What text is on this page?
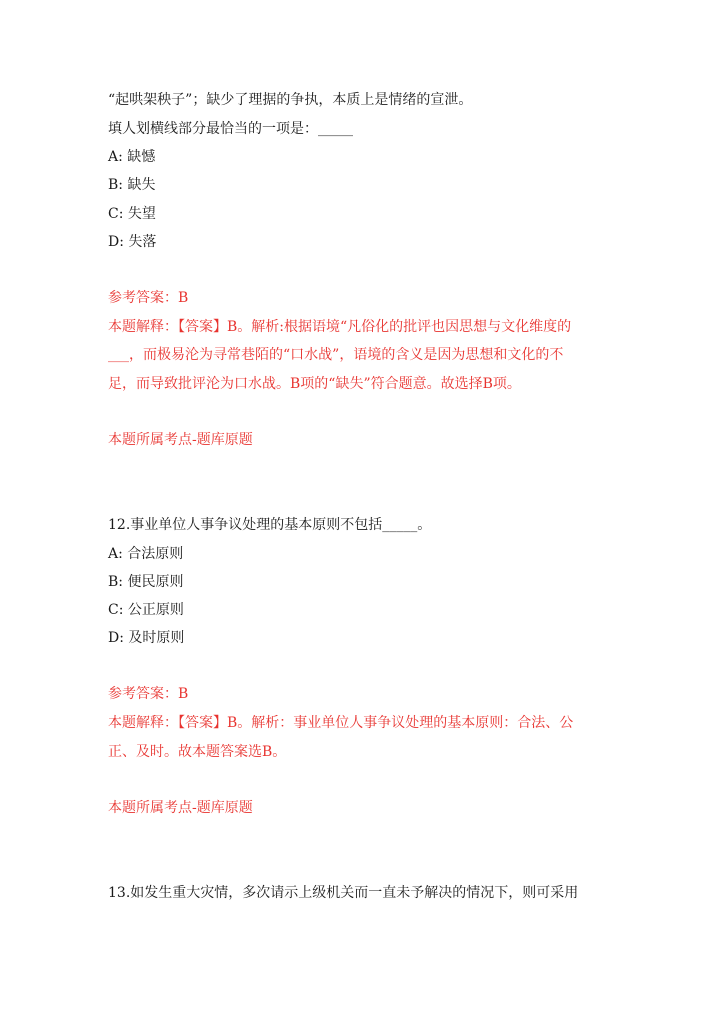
“起哄架秧子”；缺少了理据的争执，本质上是情绪的宣泄。
填人划横线部分最恰当的一项是：_____
A: 缺憾
B: 缺失
C: 失望
D: 失落
参考答案：B
本题解释：【答案】B。解析:根据语境“凡俗化的批评也因思想与文化维度的
___，而极易沦为寻常巷陌的“口水战”，语境的含义是因为思想和文化的不
足，而导致批评沦为口水战。B项的“缺失”符合题意。故选择B项。
本题所属考点-题库原题
12.事业单位人事争议处理的基本原则不包括_____。
A: 合法原则
B: 便民原则
C: 公正原则
D: 及时原则
参考答案：B
本题解释：【答案】B。解析：事业单位人事争议处理的基本原则：合法、公
正、及时。故本题答案选B。
本题所属考点-题库原题
13.如发生重大灾情，多次请示上级机关而一直未予解决的情况下，则可采用
